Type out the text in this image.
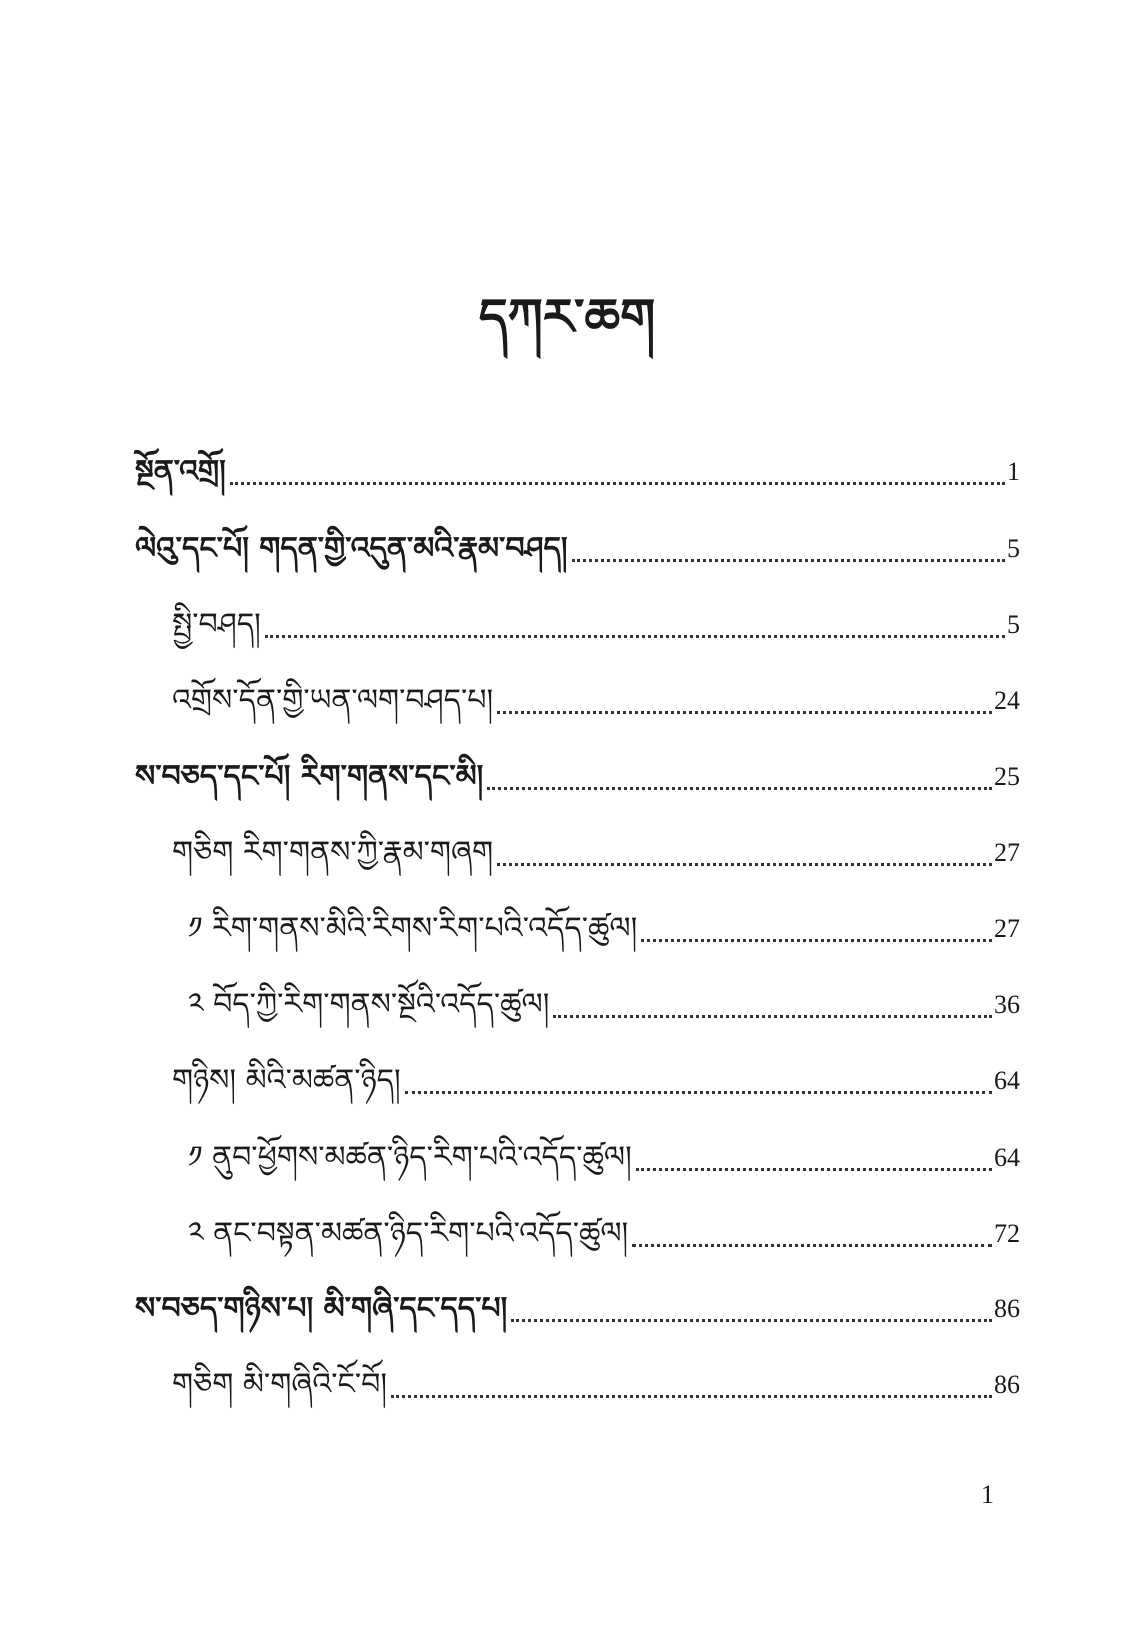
དཀར་ཆག
སྔོན་འགྲོ།	1
ལེའུ་དང་པོ། གདན་གྱི་འདུན་མའི་རྣམ་བཤད།	5
སྤྱི་བཤད།	5
འགྲོས་དོན་གྱི་ཡན་ལག་བཤད་པ།	24
ས་བཅད་དང་པོ། རིག་གནས་དང་མི།	25
གཅིག རིག་གནས་ཀྱི་རྣམ་གཞག	27
༡ རིག་གནས་མིའི་རིགས་རིག་པའི་འདོད་ཚུལ།	27
༢ བོད་ཀྱི་རིག་གནས་སྔོའི་འདོད་ཚུལ།	36
གཉིས། མིའི་མཚན་ཉིད།	64
༡ ནུབ་ཕྱོགས་མཚན་ཉིད་རིག་པའི་འདོད་ཚུལ།	64
༢ ནང་བསྟན་མཚན་ཉིད་རིག་པའི་འདོད་ཚུལ།	72
ས་བཅད་གཉིས་པ། མི་གཞི་དང་དད་པ།	86
གཅིག མི་གཞིའི་ངོ་བོ།	86
1
